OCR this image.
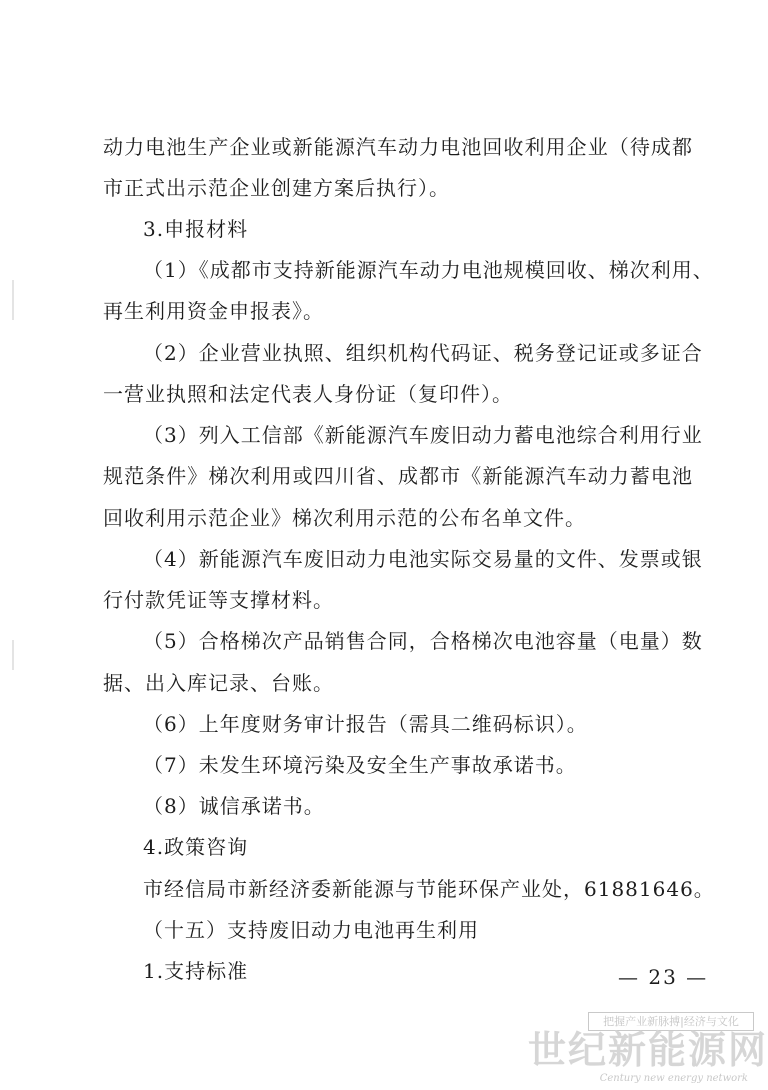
动力电池生产企业或新能源汽车动力电池回收利用企业（待成都
市正式出示范企业创建方案后执行）。
3.申报材料
（1）《成都市支持新能源汽车动力电池规模回收、梯次利用、
再生利用资金申报表》。
（2）企业营业执照、组织机构代码证、税务登记证或多证合
一营业执照和法定代表人身份证（复印件）。
（3）列入工信部《新能源汽车废旧动力蓄电池综合利用行业
规范条件》梯次利用或四川省、成都市《新能源汽车动力蓄电池
回收利用示范企业》梯次利用示范的公布名单文件。
（4）新能源汽车废旧动力电池实际交易量的文件、发票或银
行付款凭证等支撑材料。
（5）合格梯次产品销售合同，合格梯次电池容量（电量）数
据、出入库记录、台账。
（6）上年度财务审计报告（需具二维码标识）。
（7）未发生环境污染及安全生产事故承诺书。
（8）诚信承诺书。
4.政策咨询
市经信局市新经济委新能源与节能环保产业处，61881646。
（十五）支持废旧动力电池再生利用
1.支持标准	— 23 —
把握产业新脉搏|经济与文化
世纪新能源网
Century new energy network
